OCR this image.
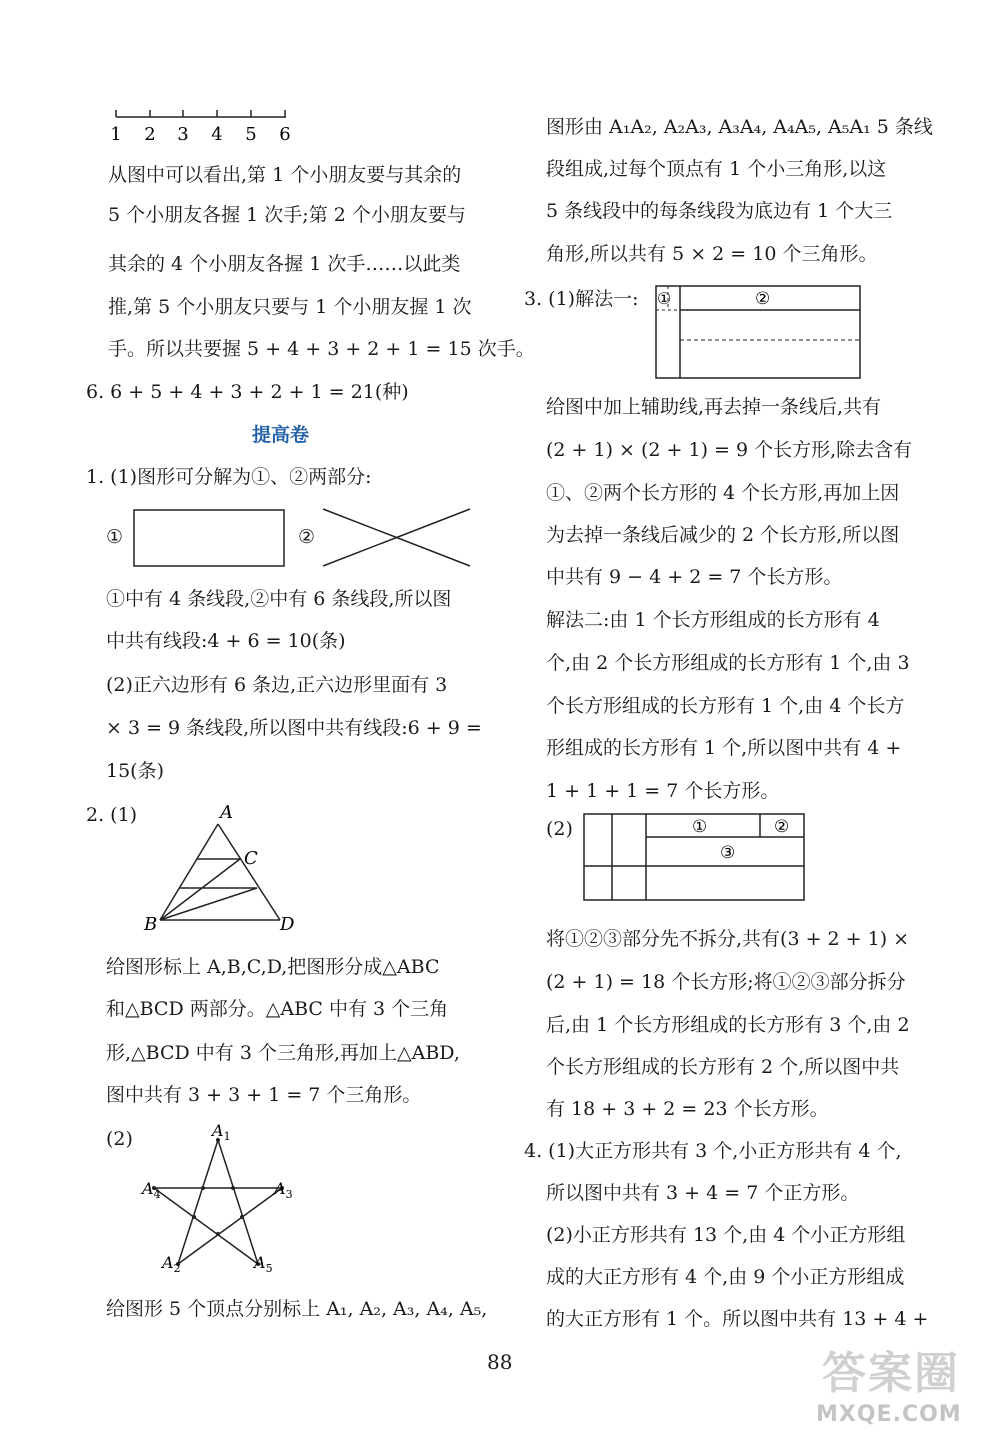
1 2 3 4 5 6
从图中可以看出,第 1 个小朋友要与其余的
5 个小朋友各握 1 次手;第 2 个小朋友要与
其余的 4 个小朋友各握 1 次手……以此类
推,第 5 个小朋友只要与 1 个小朋友握 1 次
手。所以共要握 5 + 4 + 3 + 2 + 1 = 15 次手。
6. 6 + 5 + 4 + 3 + 2 + 1 = 21(种)
提高卷
1. (1)图形可分解为①、②两部分:
①	②
①中有 4 条线段,②中有 6 条线段,所以图
中共有线段:4 + 6 = 10(条)
(2)正六边形有 6 条边,正六边形里面有 3
× 3 = 9 条线段,所以图中共有线段:6 + 9 =
15(条)
2. (1)	A
C
B	D
给图形标上 A,B,C,D,把图形分成△ABC
和△BCD 两部分。△ABC 中有 3 个三角
形,△BCD 中有 3 个三角形,再加上△ABD,
图中共有 3 + 3 + 1 = 7 个三角形。
(2)	$A_1$
$A_4$	$A_3$
$A_2$	$A_5$
给图形 5 个顶点分别标上 A₁, A₂, A₃, A₄, A₅,
图形由 A₁A₂, A₂A₃, A₃A₄, A₄A₅, A₅A₁ 5 条线
段组成,过每个顶点有 1 个小三角形,以这
5 条线段中的每条线段为底边有 1 个大三
角形,所以共有 5 × 2 = 10 个三角形。
3. (1)解法一: ①	②
给图中加上辅助线,再去掉一条线后,共有
(2 + 1) × (2 + 1) = 9 个长方形,除去含有
①、②两个长方形的 4 个长方形,再加上因
为去掉一条线后减少的 2 个长方形,所以图
中共有 9 − 4 + 2 = 7 个长方形。
解法二:由 1 个长方形组成的长方形有 4
个,由 2 个长方形组成的长方形有 1 个,由 3
个长方形组成的长方形有 1 个,由 4 个长方
形组成的长方形有 1 个,所以图中共有 4 +
1 + 1 + 1 = 7 个长方形。
(2)	①	②
③
将①②③部分先不拆分,共有(3 + 2 + 1) ×
(2 + 1) = 18 个长方形;将①②③部分拆分
后,由 1 个长方形组成的长方形有 3 个,由 2
个长方形组成的长方形有 2 个,所以图中共
有 18 + 3 + 2 = 23 个长方形。
4. (1)大正方形共有 3 个,小正方形共有 4 个,
所以图中共有 3 + 4 = 7 个正方形。
(2)小正方形共有 13 个,由 4 个小正方形组
成的大正方形有 4 个,由 9 个小正方形组成
的大正方形有 1 个。所以图中共有 13 + 4 +
88	答案圈
MXQE.COM
